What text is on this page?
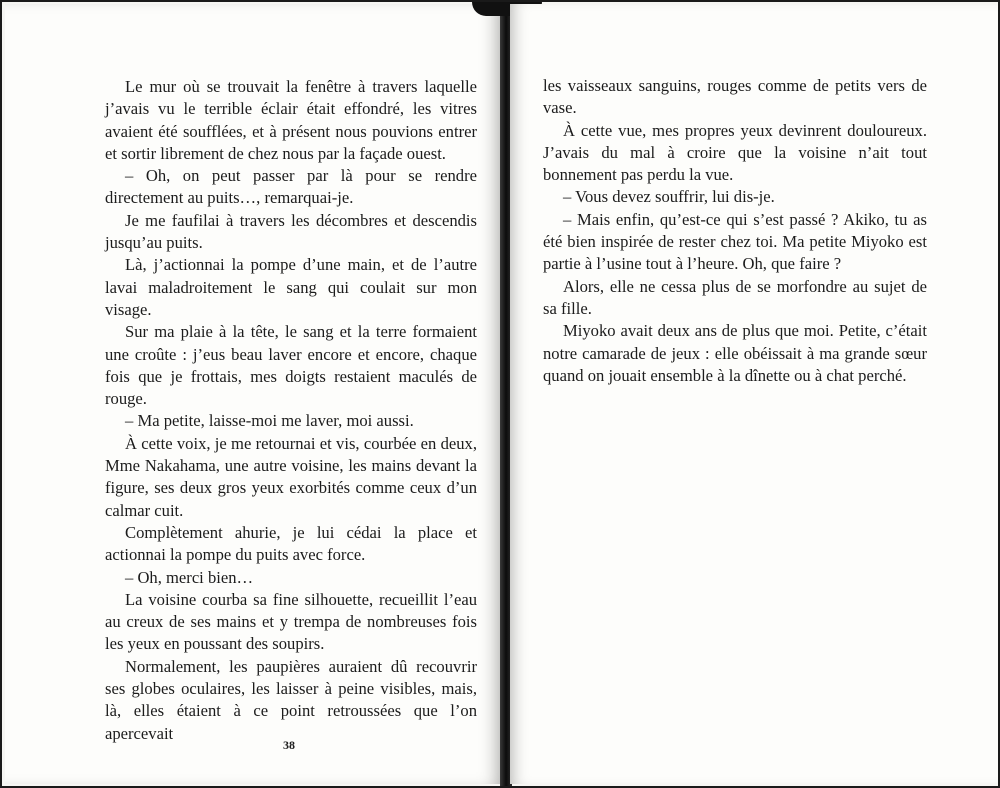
Le mur où se trouvait la fenêtre à travers laquelle j’avais vu le terrible éclair était effondré, les vitres avaient été soufflées, et à présent nous pouvions entrer et sortir librement de chez nous par la façade ouest.

– Oh, on peut passer par là pour se rendre directement au puits…, remarquai-je.

Je me faufilai à travers les décombres et descendis jusqu’au puits.

Là, j’actionnai la pompe d’une main, et de l’autre lavai maladroitement le sang qui coulait sur mon visage.

Sur ma plaie à la tête, le sang et la terre formaient une croûte : j’eus beau laver encore et encore, chaque fois que je frottais, mes doigts restaient maculés de rouge.

– Ma petite, laisse-moi me laver, moi aussi.

À cette voix, je me retournai et vis, courbée en deux, Mme Nakahama, une autre voisine, les mains devant la figure, ses deux gros yeux exorbités comme ceux d’un calmar cuit.

Complètement ahurie, je lui cédai la place et actionnai la pompe du puits avec force.

– Oh, merci bien…

La voisine courba sa fine silhouette, recueillit l’eau au creux de ses mains et y trempa de nombreuses fois les yeux en poussant des soupirs.

Normalement, les paupières auraient dû recouvrir ses globes oculaires, les laisser à peine visibles, mais, là, elles étaient à ce point retroussées que l’on apercevait

38

les vaisseaux sanguins, rouges comme de petits vers de vase.

À cette vue, mes propres yeux devinrent douloureux. J’avais du mal à croire que la voisine n’ait tout bonnement pas perdu la vue.

– Vous devez souffrir, lui dis-je.

– Mais enfin, qu’est-ce qui s’est passé ? Akiko, tu as été bien inspirée de rester chez toi. Ma petite Miyoko est partie à l’usine tout à l’heure. Oh, que faire ?

Alors, elle ne cessa plus de se morfondre au sujet de sa fille.

Miyoko avait deux ans de plus que moi. Petite, c’était notre camarade de jeux : elle obéissait à ma grande sœur quand on jouait ensemble à la dînette ou à chat perché.
